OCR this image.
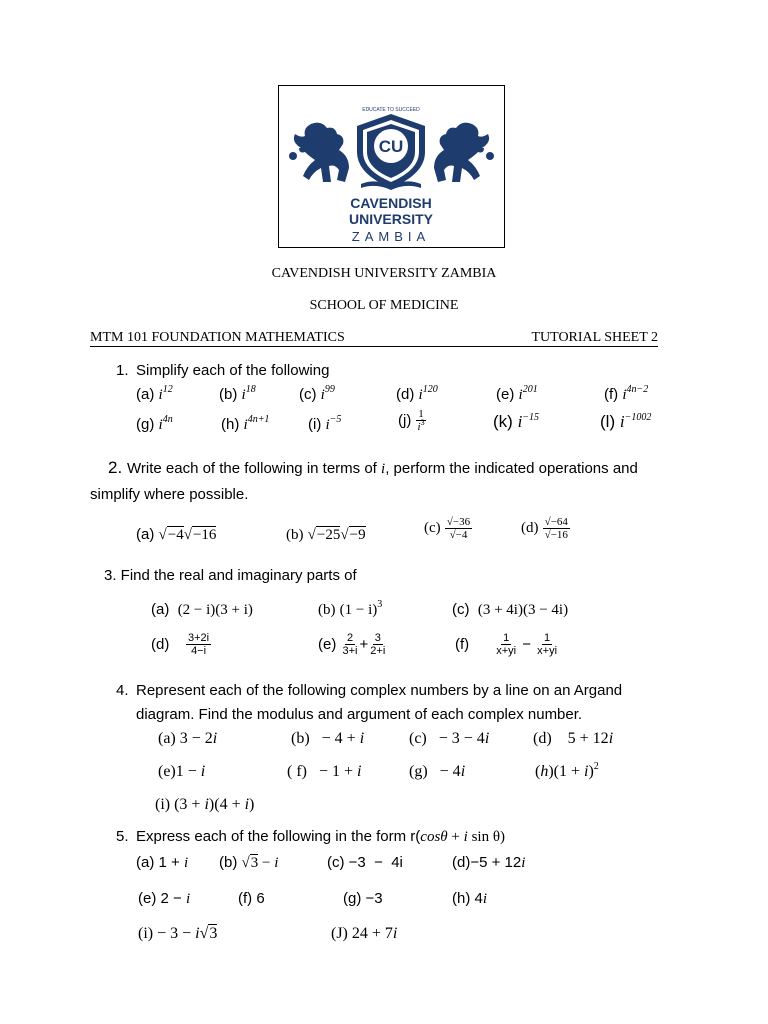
CU
EDUCATE TO SUCCEED
CAVENDISH
UNIVERSITY
ZAMBIA
CAVENDISH UNIVERSITY ZAMBIA
SCHOOL OF MEDICINE
MTM 101 FOUNDATION MATHEMATICS	TUTORIAL SHEET 2
1. Simplify each of the following
(a) $i^{12}$	(b) $i^{18}$	(c) $i^{99}$	(d) $i^{120}$	(e) $i^{201}$	(f) $i^{4n-2}$
(g) $i^{4n}$	(h) $i^{4n+1}$	(i) $i^{-5}$	$(j) \frac{1}{i^3}$	(k) $i^{-15}$	(l) $i^{-1002}$
2. Write each of the following in terms of i, perform the indicated operations and
simplify where possible.
(a) √−4√−16	(b) √−25√−9	$(c) \frac{√-36}{√-4}$	$(d) \frac{√-64}{√-16}$
3. Find the real and imaginary parts of
(a) (2 − i)(3 + i)	(b) $(1 - i)^3$	(c) (3 + 4i)(3 − 4i)
$(d) \frac{3+2i}{4-i}$	$(e) \frac{2}{3+i} + \frac{3}{2+i}$	$(f) \frac{1}{x+yi} - \frac{1}{x+yi}$
4. Represent each of the following complex numbers by a line on an Argand
diagram. Find the modulus and argument of each complex number.
(a) 3 − 2i	(b)   − 4 + i	(c)   − 3 − 4i	(d)    5 + 12i
(e)1 − i	( f)   − 1 + i	(g)   − 4i	$(h)(1 + i)^2$
(i) (3 + i)(4 + i)
5. Express each of the following in the form r(cosθ + i sin θ)
(a) 1 + i (b) √3 − i	(c) −3  −  4i	(d)−5 + 12i
(e) 2 − i	(f) 6	(g) −3	(h) 4i
(i) − 3 − i√3	(J) 24 + 7i
